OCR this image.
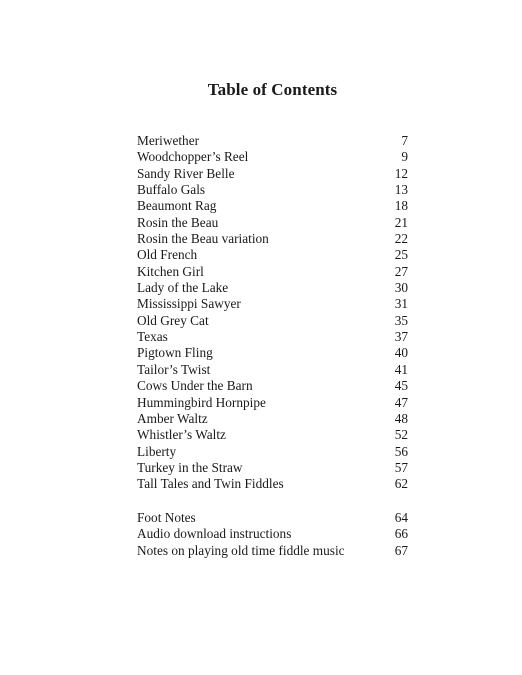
Table of Contents
Meriwether	7
Woodchopper’s Reel	9
Sandy River Belle	12
Buffalo Gals	13
Beaumont Rag	18
Rosin the Beau	21
Rosin the Beau variation	22
Old French	25
Kitchen Girl	27
Lady of the Lake	30
Mississippi Sawyer	31
Old Grey Cat	35
Texas	37
Pigtown Fling	40
Tailor’s Twist	41
Cows Under the Barn	45
Hummingbird Hornpipe	47
Amber Waltz	48
Whistler’s Waltz	52
Liberty	56
Turkey in the Straw	57
Tall Tales and Twin Fiddles	62
Foot Notes	64
Audio download instructions	66
Notes on playing old time fiddle music	67
